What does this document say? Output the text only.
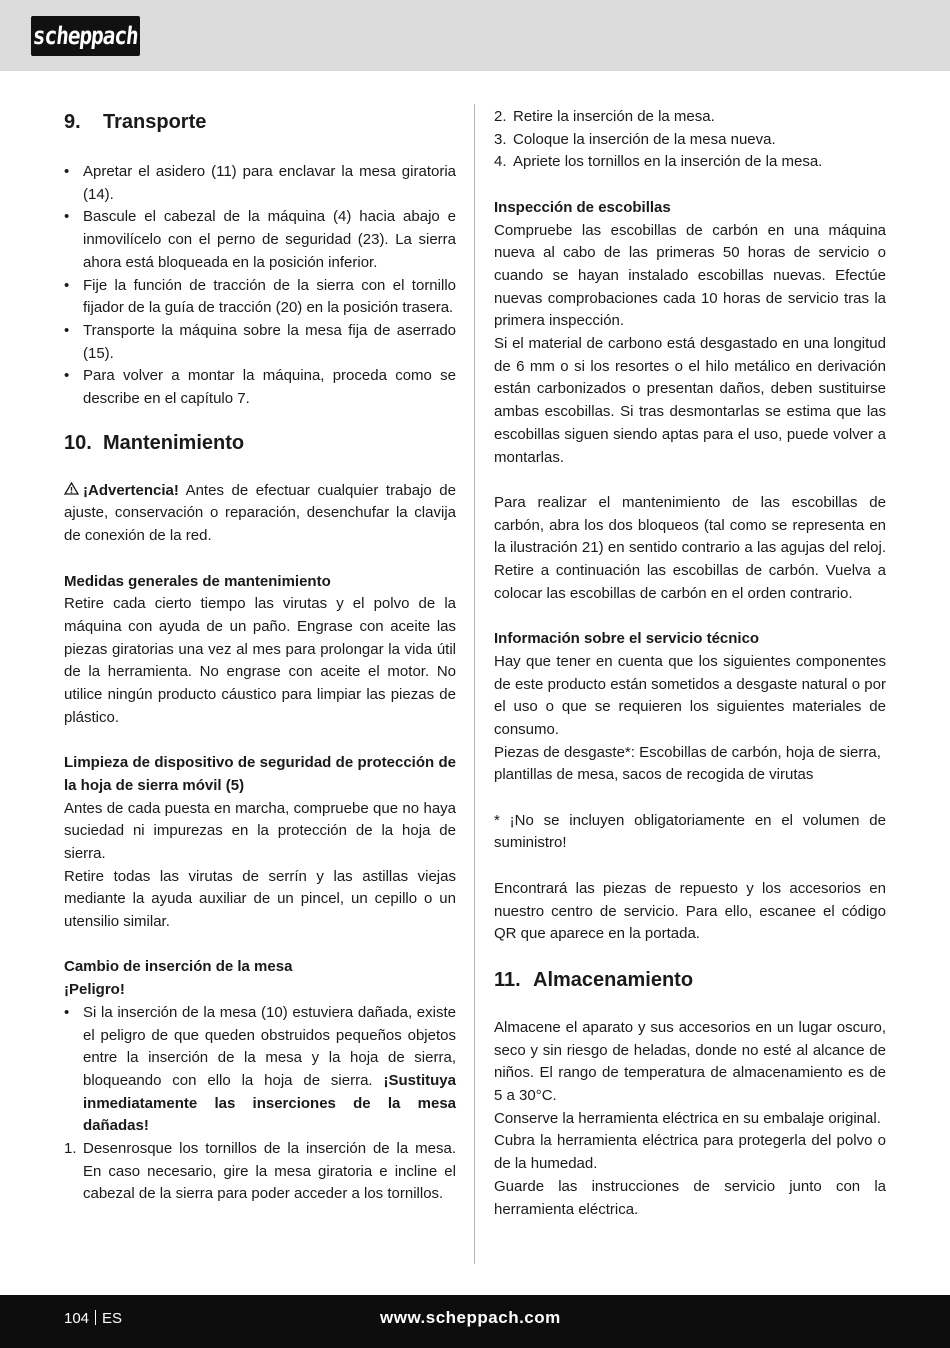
scheppach
9.	Transporte
• Apretar el asidero (11) para enclavar la mesa giratoria (14).
• Bascule el cabezal de la máquina (4) hacia abajo e inmovilícelo con el perno de seguridad (23). La sierra ahora está bloqueada en la posición inferior.
• Fije la función de tracción de la sierra con el tornillo fijador de la guía de tracción (20) en la posición trasera.
• Transporte la máquina sobre la mesa fija de aserrado (15).
• Para volver a montar la máquina, proceda como se describe en el capítulo 7.
10. Mantenimiento

¡Advertencia! Antes de efectuar cualquier trabajo de ajuste, conservación o reparación, desenchufar la clavija de conexión de la red.

Medidas generales de mantenimiento

Retire cada cierto tiempo las virutas y el polvo de la máquina con ayuda de un paño. Engrase con aceite las piezas giratorias una vez al mes para prolongar la vida útil de la herramienta. No engrase con aceite el motor. No utilice ningún producto cáustico para limpiar las piezas de plástico.

Limpieza de dispositivo de seguridad de protección de la hoja de sierra móvil (5)

Antes de cada puesta en marcha, compruebe que no haya suciedad ni impurezas en la protección de la hoja de sierra.

Retire todas las virutas de serrín y las astillas viejas mediante la ayuda auxiliar de un pincel, un cepillo o un utensilio similar.

Cambio de inserción de la mesa

¡Peligro!

• Si la inserción de la mesa (10) estuviera dañada, existe el peligro de que queden obstruidos pequeños objetos entre la inserción de la mesa y la hoja de sierra, bloqueando con ello la hoja de sierra. ¡Sustituya inmediatamente las inserciones de la mesa dañadas!
1. Desenrosque los tornillos de la inserción de la mesa. En caso necesario, gire la mesa giratoria e incline el cabezal de la sierra para poder acceder a los tornillos.
2. Retire la inserción de la mesa.
3. Coloque la inserción de la mesa nueva.
4. Apriete los tornillos en la inserción de la mesa.

Inspección de escobillas

Compruebe las escobillas de carbón en una máquina nueva al cabo de las primeras 50 horas de servicio o cuando se hayan instalado escobillas nuevas. Efectúe nuevas comprobaciones cada 10 horas de servicio tras la primera inspección.

Si el material de carbono está desgastado en una longitud de 6 mm o si los resortes o el hilo metálico en derivación están carbonizados o presentan daños, deben sustituirse ambas escobillas. Si tras desmontarlas se estima que las escobillas siguen siendo aptas para el uso, puede volver a montarlas.

Para realizar el mantenimiento de las escobillas de carbón, abra los dos bloqueos (tal como se representa en la ilustración 21) en sentido contrario a las agujas del reloj. Retire a continuación las escobillas de carbón. Vuelva a colocar las escobillas de carbón en el orden contrario.

Información sobre el servicio técnico

Hay que tener en cuenta que los siguientes componentes de este producto están sometidos a desgaste natural o por el uso o que se requieren los siguientes materiales de consumo.

Piezas de desgaste*: Escobillas de carbón, hoja de sierra, plantillas de mesa, sacos de recogida de virutas

* ¡No se incluyen obligatoriamente en el volumen de suministro!

Encontrará las piezas de repuesto y los accesorios en nuestro centro de servicio. Para ello, escanee el código QR que aparece en la portada.

11. Almacenamiento

Almacene el aparato y sus accesorios en un lugar oscuro, seco y sin riesgo de heladas, donde no esté al alcance de niños. El rango de temperatura de almacenamiento es de 5 a 30°C.

Conserve la herramienta eléctrica en su embalaje original.

Cubra la herramienta eléctrica para protegerla del polvo o de la humedad.

Guarde las instrucciones de servicio junto con la herramienta eléctrica.

104 ES	www.scheppach.com
